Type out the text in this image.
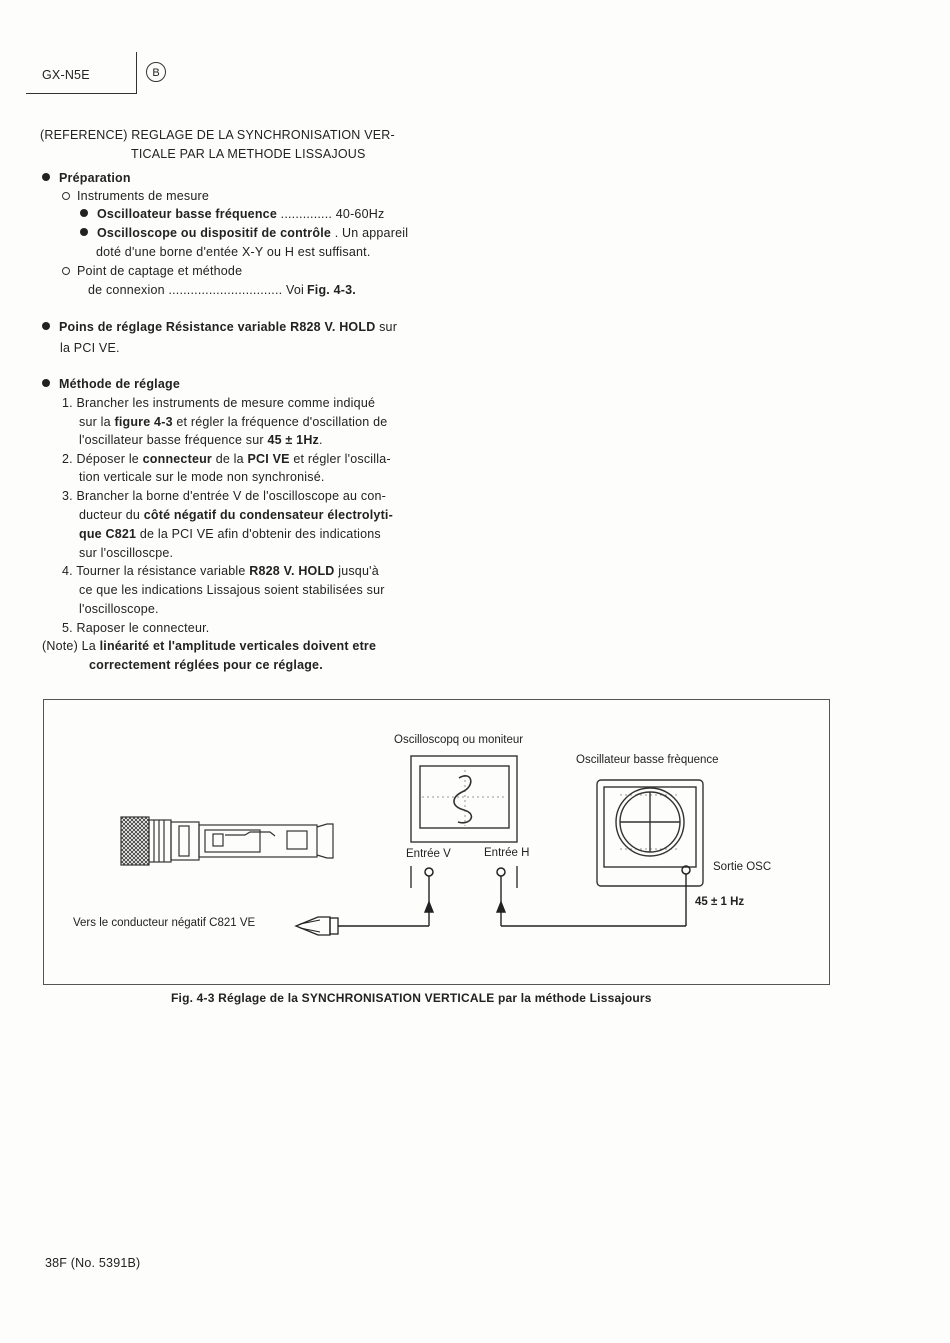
GX-N5E	B
(REFERENCE) REGLAGE DE LA SYNCHRONISATION VER-
TICALE PAR LA METHODE LISSAJOUS
Préparation
Instruments de mesure
Oscilloateur basse fréquence .............. 40-60Hz
Oscilloscope ou dispositif de contrôle . Un appareil
doté d'une borne d'entée X-Y ou H est suffisant.
Point de captage et méthode
de connexion ............................... Voi Fig. 4-3.
Poins de réglage Résistance variable R828 V. HOLD sur
la PCI VE.
Méthode de réglage
1. Brancher les instruments de mesure comme indiqué
sur la figure 4-3 et régler la fréquence d'oscillation de
l'oscillateur basse fréquence sur 45 ± 1Hz.
2. Déposer le connecteur de la PCI VE et régler l'oscilla-
tion verticale sur le mode non synchronisé.
3. Brancher la borne d'entrée V de l'oscilloscope au con-
ducteur du côté négatif du condensateur électrolyti-
que C821 de la PCI VE afin d'obtenir des indications
sur l'oscilloscpe.
4. Tourner la résistance variable R828 V. HOLD jusqu'à
ce que les indications Lissajous soient stabilisées sur
l'oscilloscope.
5. Raposer le connecteur.
(Note) La linéarité et l'amplitude verticales doivent etre
correctement réglées pour ce réglage.
Oscilloscopq ou moniteur
Oscillateur basse frèquence
Entrée V	Entrée H
Sortie OSC
45 ± 1 Hz
Vers le conducteur négatif C821 VE
Fig. 4-3 Réglage de la SYNCHRONISATION VERTICALE par la méthode Lissajours
38F (No. 5391B)
